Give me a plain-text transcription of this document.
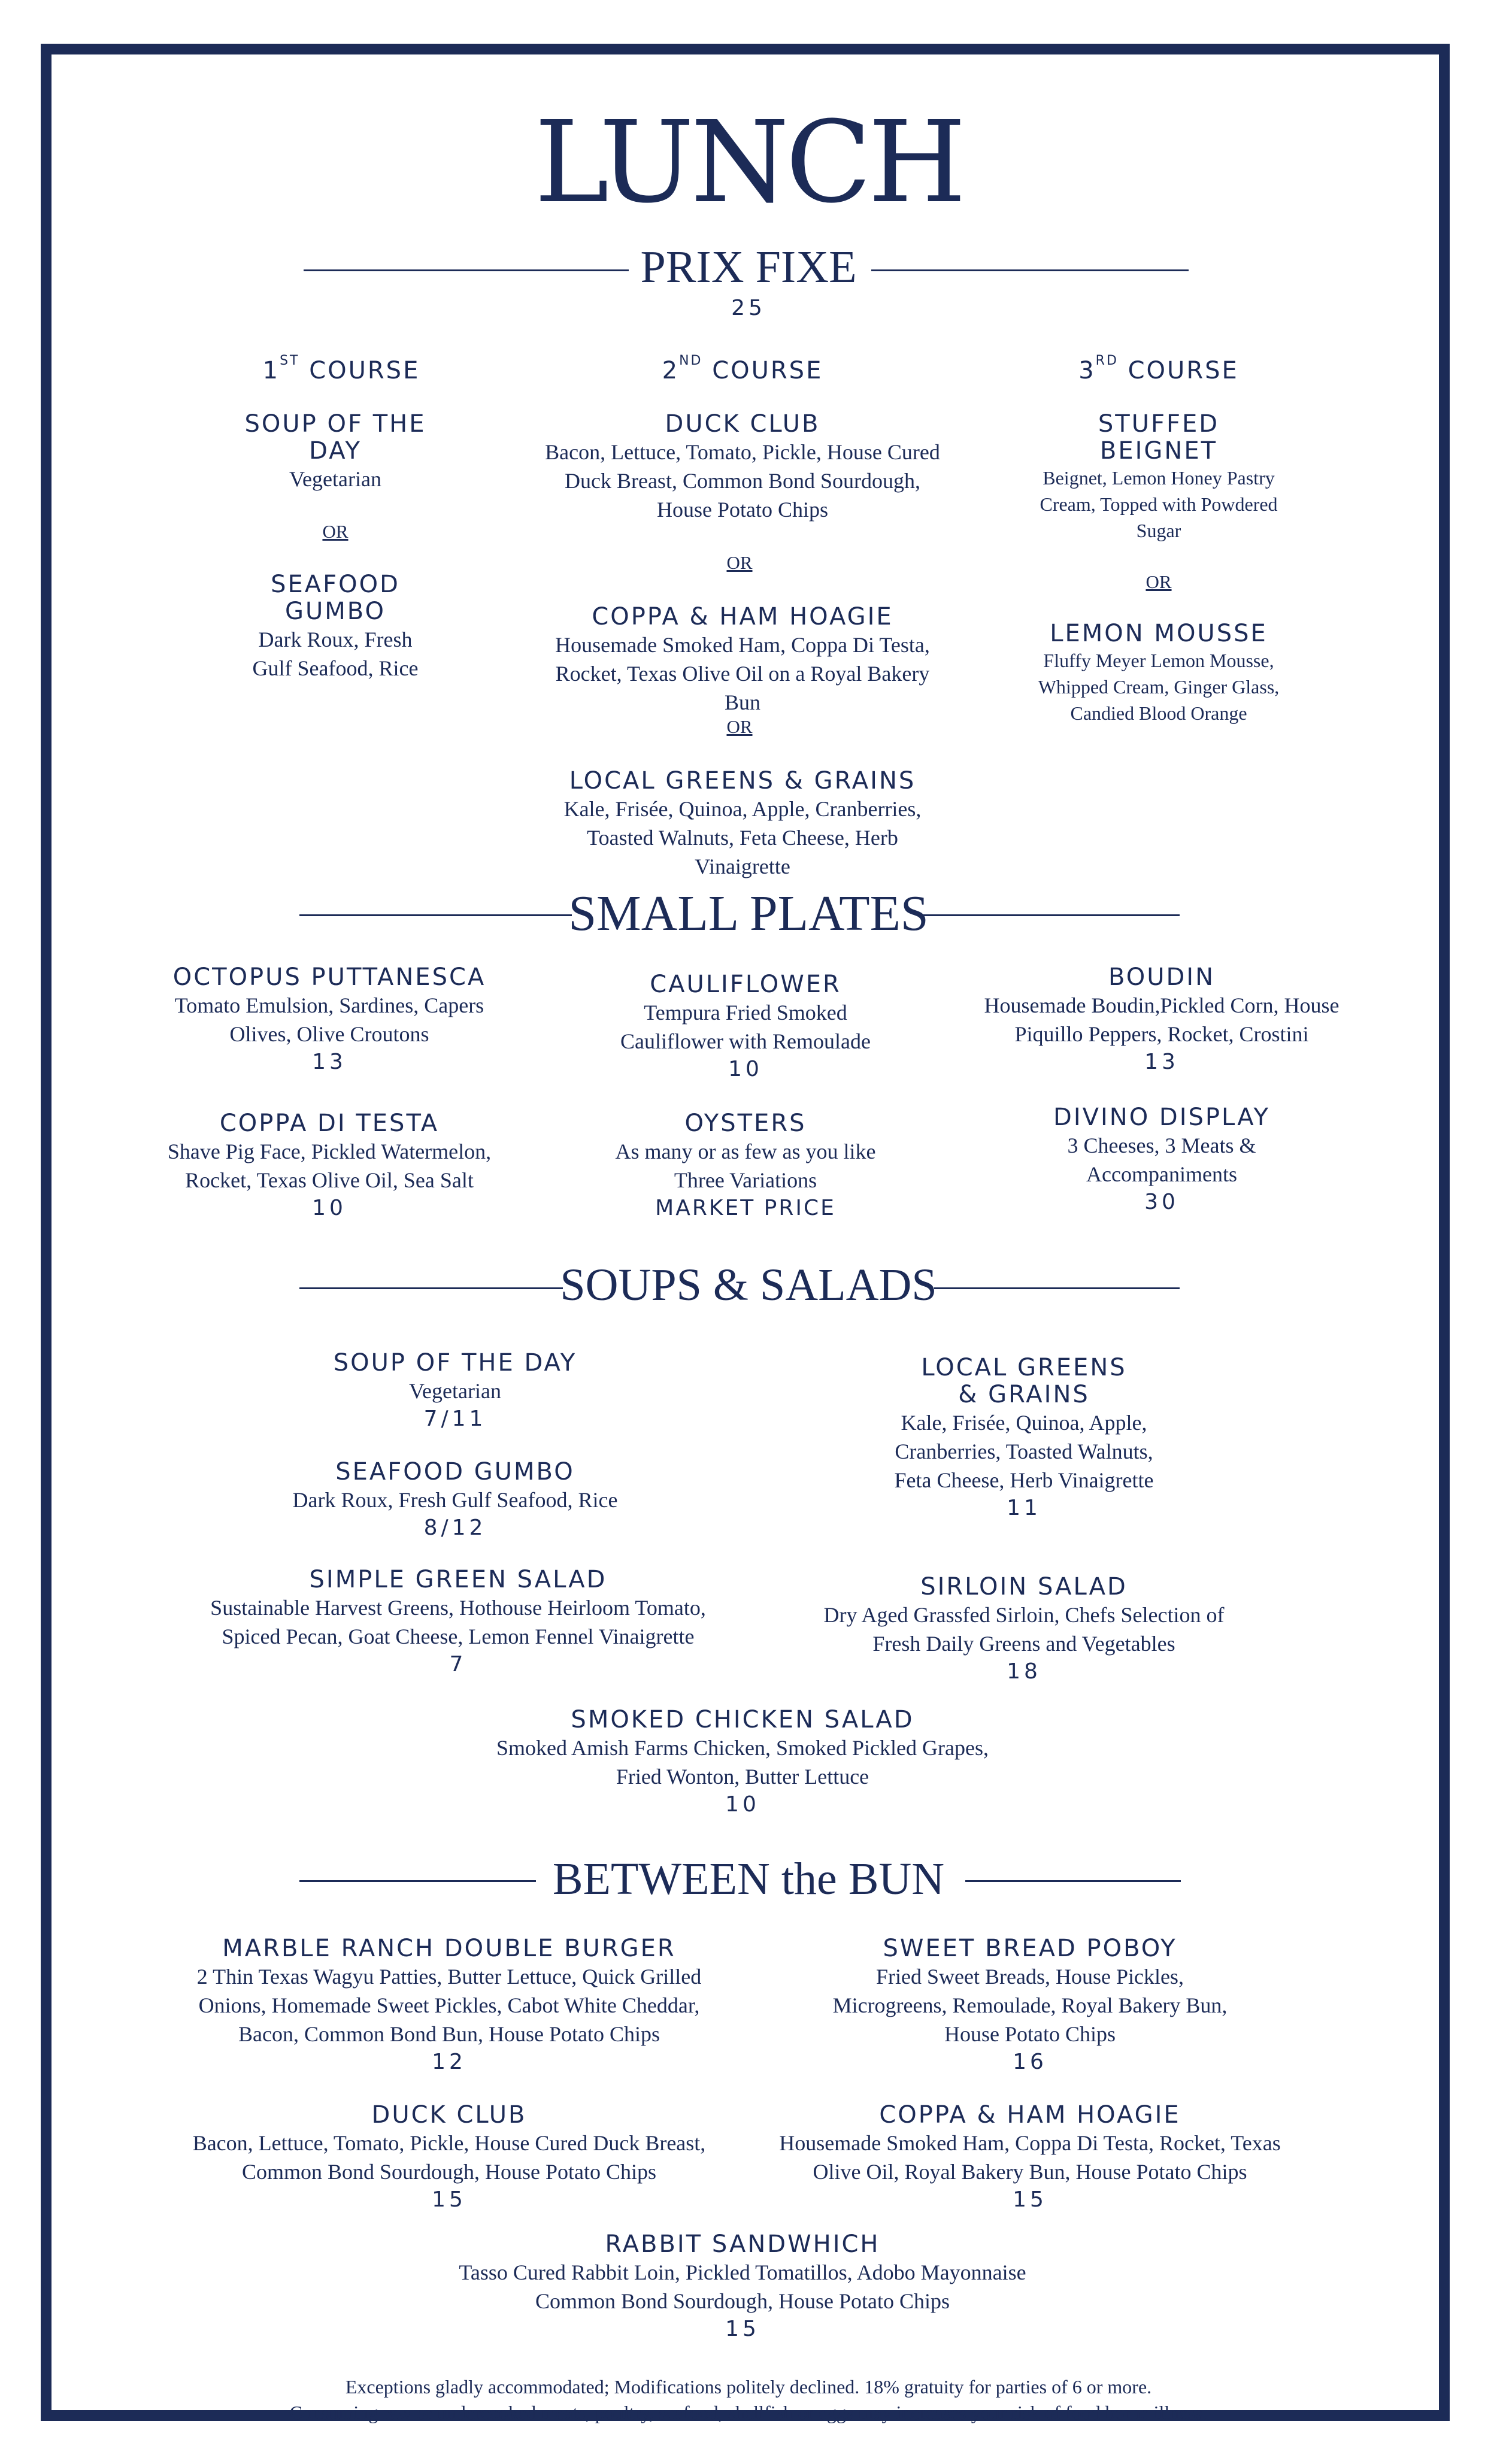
LUNCH
PRIX FIXE
25
1ST COURSE	2ND COURSE	3RD COURSE
SOUP OF THE DAY
Vegetarian
OR
SEAFOOD GUMBO
Dark Roux, Fresh Gulf Seafood, Rice
DUCK CLUB
Bacon, Lettuce, Tomato, Pickle, House Cured Duck Breast, Common Bond Sourdough, House Potato Chips
OR
COPPA & HAM HOAGIE
Housemade Smoked Ham, Coppa Di Testa, Rocket, Texas Olive Oil on a Royal Bakery Bun
OR
LOCAL GREENS & GRAINS
Kale, Frisée, Quinoa, Apple, Cranberries, Toasted Walnuts, Feta Cheese, Herb Vinaigrette
STUFFED BEIGNET
Beignet, Lemon Honey Pastry Cream, Topped with Powdered Sugar
OR
LEMON MOUSSE
Fluffy Meyer Lemon Mousse, Whipped Cream, Ginger Glass, Candied Blood Orange
SMALL PLATES
OCTOPUS PUTTANESCA
Tomato Emulsion, Sardines, Capers Olives, Olive Croutons
13
CAULIFLOWER
Tempura Fried Smoked Cauliflower with Remoulade
10
BOUDIN
Housemade Boudin,Pickled Corn, House Piquillo Peppers, Rocket, Crostini
13
COPPA DI TESTA
Shave Pig Face, Pickled Watermelon, Rocket, Texas Olive Oil, Sea Salt
10
OYSTERS
As many or as few as you like Three Variations
MARKET PRICE
DIVINO DISPLAY
3 Cheeses, 3 Meats & Accompaniments
30
SOUPS & SALADS
SOUP OF THE DAY
Vegetarian
7/11
SEAFOOD GUMBO
Dark Roux, Fresh Gulf Seafood, Rice
8/12
SIMPLE GREEN SALAD
Sustainable Harvest Greens, Hothouse Heirloom Tomato, Spiced Pecan, Goat Cheese, Lemon Fennel Vinaigrette
7
LOCAL GREENS & GRAINS
Kale, Frisée, Quinoa, Apple, Cranberries, Toasted Walnuts, Feta Cheese, Herb Vinaigrette
11
SIRLOIN SALAD
Dry Aged Grassfed Sirloin, Chefs Selection of Fresh Daily Greens and Vegetables
18
SMOKED CHICKEN SALAD
Smoked Amish Farms Chicken, Smoked Pickled Grapes, Fried Wonton, Butter Lettuce
10
BETWEEN the BUN
MARBLE RANCH DOUBLE BURGER
2 Thin Texas Wagyu Patties, Butter Lettuce, Quick Grilled Onions, Homemade Sweet Pickles, Cabot White Cheddar, Bacon, Common Bond Bun, House Potato Chips
12
SWEET BREAD POBOY
Fried Sweet Breads, House Pickles, Microgreens, Remoulade, Royal Bakery Bun, House Potato Chips
16
DUCK CLUB
Bacon, Lettuce, Tomato, Pickle, House Cured Duck Breast, Common Bond Sourdough, House Potato Chips
15
COPPA & HAM HOAGIE
Housemade Smoked Ham, Coppa Di Testa, Rocket, Texas Olive Oil, Royal Bakery Bun, House Potato Chips
15
RABBIT SANDWHICH
Tasso Cured Rabbit Loin, Pickled Tomatillos, Adobo Mayonnaise Common Bond Sourdough, House Potato Chips
15
Exceptions gladly accommodated; Modifications politely declined. 18% gratuity for parties of 6 or more.
Consuming raw or undercooked meats, poultry, seafood, shellfish or eggs may increases your risk of food borne illness.
